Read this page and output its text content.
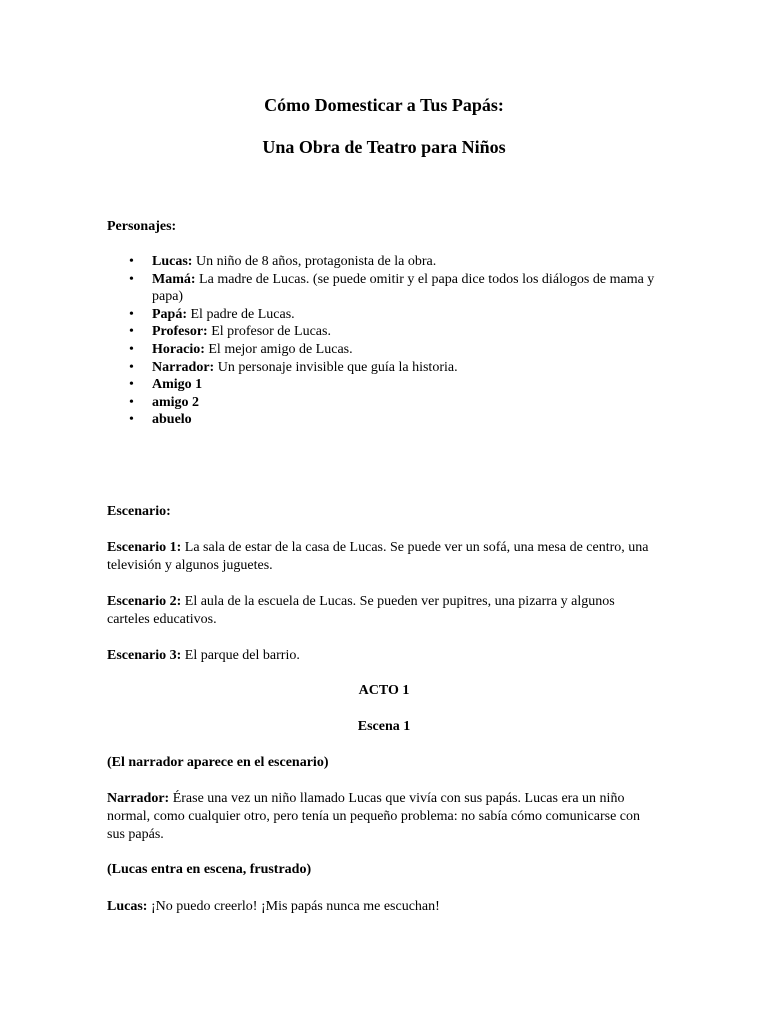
Cómo Domesticar a Tus Papás:
Una Obra de Teatro para Niños
Personajes:
• Lucas: Un niño de 8 años, protagonista de la obra.
• Mamá: La madre de Lucas. (se puede omitir y el papa dice todos los diálogos de mama y papa)
• Papá: El padre de Lucas.
• Profesor: El profesor de Lucas.
• Horacio: El mejor amigo de Lucas.
• Narrador: Un personaje invisible que guía la historia.
• Amigo 1
• amigo 2
• abuelo
Escenario:
Escenario 1: La sala de estar de la casa de Lucas. Se puede ver un sofá, una mesa de centro, una televisión y algunos juguetes.
Escenario 2: El aula de la escuela de Lucas. Se pueden ver pupitres, una pizarra y algunos carteles educativos.
Escenario 3: El parque del barrio.
ACTO 1
Escena 1
(El narrador aparece en el escenario)
Narrador: Érase una vez un niño llamado Lucas que vivía con sus papás. Lucas era un niño normal, como cualquier otro, pero tenía un pequeño problema: no sabía cómo comunicarse con sus papás.
(Lucas entra en escena, frustrado)
Lucas: ¡No puedo creerlo! ¡Mis papás nunca me escuchan!
